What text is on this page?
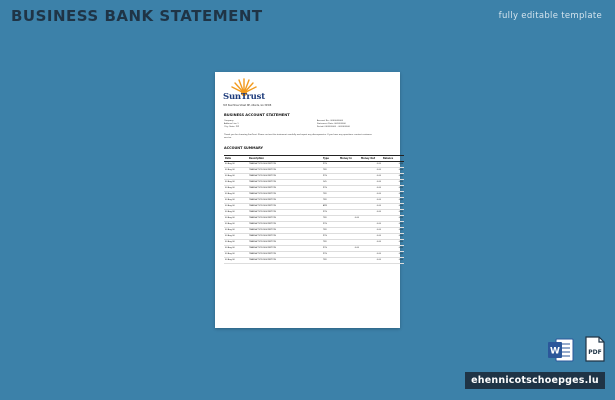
BUSINESS BANK STATEMENT	fully editable template
SunTrust
303 Peachtree Street NE, Atlanta, GA 30308
BUSINESS ACCOUNT STATEMENT
Company
Address Line 1
City, State, ZIP
Account No.: 0000000000
Statement Date: 00/00/0000
Period: 00/00/0000 – 00/00/0000
Thank you for choosing SunTrust. Please review this statement carefully and report any discrepancies. If you have any questions, contact customer service.
ACCOUNT SUMMARY
Date	Description	Type	Money In	Money Out	Balance
00 Aug 00	TRANSACTION DESCRIPTION	POS		0.00	0.00
00 Aug 00	TRANSACTION DESCRIPTION	TFR		0.00	0.00
00 Aug 00	TRANSACTION DESCRIPTION	POS		0.00	0.00
00 Aug 00	TRANSACTION DESCRIPTION	D/D		0.00	0.00
00 Aug 00	TRANSACTION DESCRIPTION	POS		0.00	0.00
00 Aug 00	TRANSACTION DESCRIPTION	TFR		0.00	0.00
00 Aug 00	TRANSACTION DESCRIPTION	TFR		0.00	0.00
00 Aug 00	TRANSACTION DESCRIPTION	ATM		0.00	0.00
00 Aug 00	TRANSACTION DESCRIPTION	POS		0.00	0.00
00 Aug 00	TRANSACTION DESCRIPTION	TFR	0.00		0.00
00 Aug 00	TRANSACTION DESCRIPTION	POS		0.00	0.00
00 Aug 00	TRANSACTION DESCRIPTION	TFR		0.00	0.00
00 Aug 00	TRANSACTION DESCRIPTION	POS		0.00	0.00
00 Aug 00	TRANSACTION DESCRIPTION	TFR		0.00	0.00
00 Aug 00	TRANSACTION DESCRIPTION	POS	0.00		0.00
00 Aug 00	TRANSACTION DESCRIPTION	POS		0.00	0.00
00 Aug 00	TRANSACTION DESCRIPTION	TFR		0.00	0.00
W	PDF
ehennicotschoepges.lu
